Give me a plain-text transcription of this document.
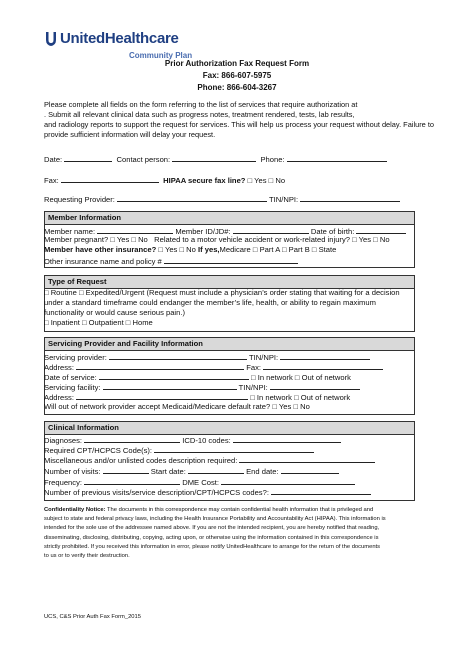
UnitedHealthcare
Community Plan
Prior Authorization Fax Request Form
Fax: 866-607-5975
Phone: 866-604-3267
Please complete all fields on the form referring to the list of services that require authorization at
. Submit all relevant clinical data such as progress notes, treatment rendered, tests, lab results,
and radiology reports to support the request for services. This will help us process your request without delay. Failure to
provide sufficient information will delay your request.
Date:	Contact person:	Phone:
Fax:	HIPAA secure fax line? □ Yes □ No
Requesting Provider:	TIN/NPI:
Member Information
Member name:	Member ID/JD#:	Date of birth:
Member pregnant? □ Yes □ No Related to a motor vehicle accident or work-related injury? □ Yes □ No
Member have other insurance? □ Yes □ No If yes,Medicare □ Part A □ Part B □ State
Other insurance name and policy #
Type of Request
□ Routine □ Expedited/Urgent (Request must include a physician’s order stating that waiting for a decision
under a standard timeframe could endanger the member’s life, health, or ability to regain maximum
functionality or would cause serious pain.)
□ Inpatient □ Outpatient □ Home
Servicing Provider and Facility Information
Servicing provider:	TIN/NPI:
Address:	Fax:
Date of service:	□ In network □ Out of network
Servicing facility:	TIN/NPI:
Address:	□ In network □ Out of network
Will out of network provider accept Medicaid/Medicare default rate? □ Yes □ No
Clinical Information
Diagnoses:	ICD-10 codes:
Required CPT/HCPCS Code(s):
Miscellaneous and/or unlisted codes description required:
Number of visits:	Start date:	End date:
Frequency:	DME Cost:
Number of previous visits/service description/CPT/HCPCS codes?:
Confidentiality Notice: The documents in this correspondence may contain confidential health information that is privileged and
subject to state and federal privacy laws, including the Health Insurance Portability and Accountability Act (HIPAA). This information is
intended for the sole use of the addressee named above. If you are not the intended recipient, you are hereby notified that reading,
disseminating, disclosing, distributing, copying, acting upon, or otherwise using the information contained in this correspondence is
strictly prohibited. If you received this information in error, please notify UnitedHealthcare to arrange for the return of the documents
to us or to verify their destruction.
UCS, C&S Prior Auth Fax Form_2015
